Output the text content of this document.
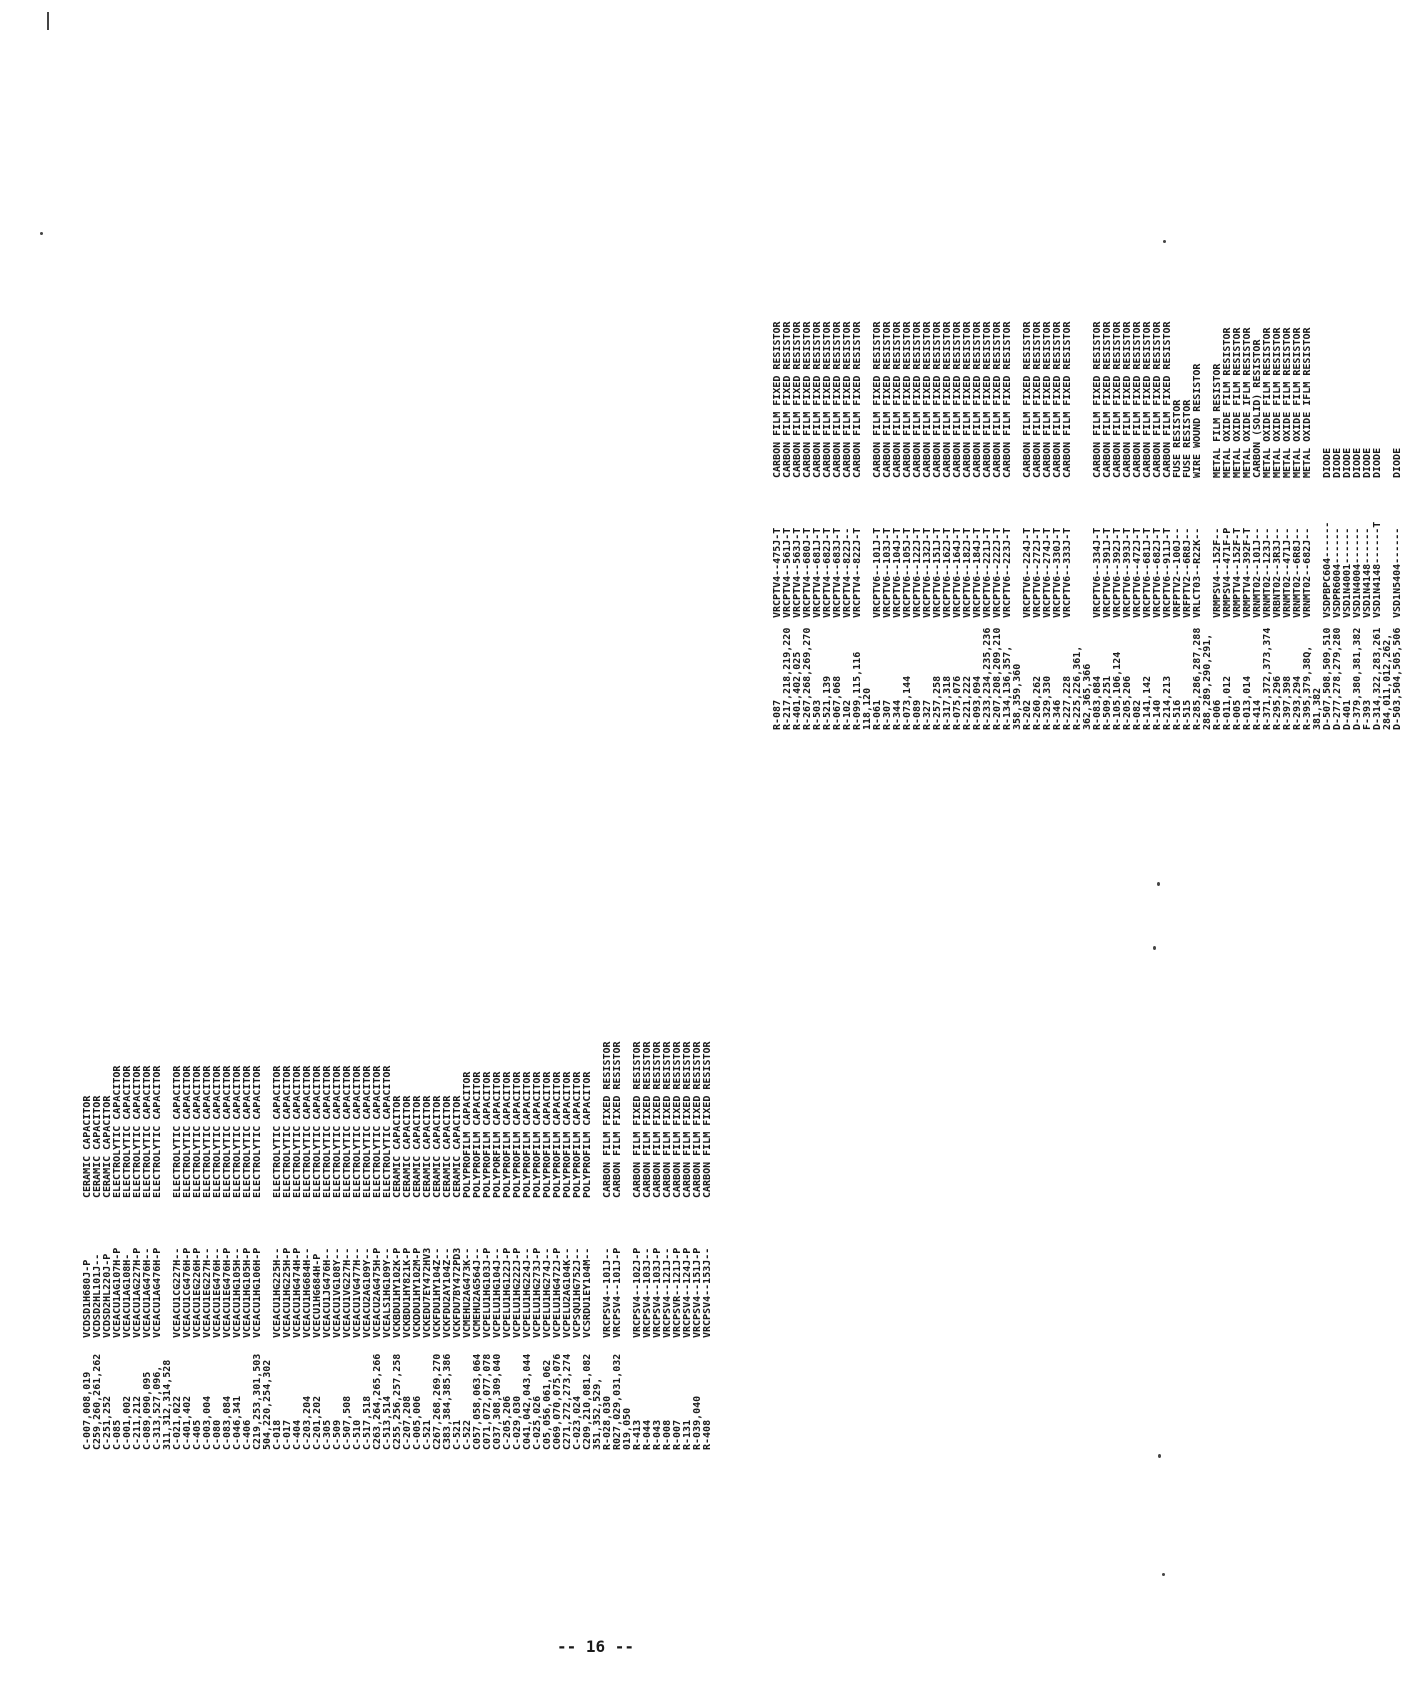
C-007,008,019
VCDSD1H680J-P
CERAMIC CAPACITOR
C259,260,261,262
VCDSD2HL101J--
CERAMIC CAPACITOR
C-251,252
VCDSD2HL220J-P
CERAMIC CAPACITOR
C-085
VCEACU1AG107H-P
ELECTROLYTIC CAPACITOR
C-001,002
VCEACU1AG108H-
ELECTROLYTIC CAPACITOR
C-211,212
VCEACU1AG227H-P
ELECTROLYTIC CAPACITOR
C-089,090,095
VCEACU1AG476H--
ELECTROLYTIC CAPACITOR
C-313,527,096,
VCEACU1AG476H-P
ELECTROLYTIC CAPACITOR
311,312,314,528 C-021,022
VCEACU1CG227H--
ELECTROLYTIC CAPACITOR
C-401,402
VCEACU1CG476H-P
ELECTROLYTIC CAPACITOR
C-405
VCEACU1EG226H-P
ELECTROLYTIC CAPACITOR
C-003,004
VCEACU1EG227H--
ELECTROLYTIC CAPACITOR
C-080
VCEACU1EG476H--
ELECTROLYTIC CAPACITOR
C-083,084
VCEACU1EG476H-P
ELECTROLYTIC CAPACITOR
C-046,341
VCEACU1HG105H--
ELECTROLYTIC CAPACITOR
C-406
VCEACU1HG105H-P
ELECTROLYTIC CAPACITOR
C219,253,301,503
VCEACU1HG106H-P
ELECTROLYTIC CAPACITOR
504,220,254,302 C-018
VCEACU1HG225H--
ELECTROLYTIC CAPACITOR
C-017
VCEACU1HG225H-P
ELECTROLYTIC CAPACITOR
C-404
VCEACU1HG474H-P
ELECTROLYTIC CAPACITOR
C-203,204
VCEACU1HG684H--
ELECTROLYTIC CAPACITOR
C-201,202
VCECU1HG684H-P
ELECTROLYTIC CAPACITOR
C-305
VCEACU1JG476H--
ELECTROLYTIC CAPACITOR
C-509
VCEACU1VG108Y--
ELECTROLYTIC CAPACITOR
C-507,508
VCEACU1VG227H--
ELECTROLYTIC CAPACITOR
C-510
VCEACU1VG477H--
ELECTROLYTIC CAPACITOR
C-517,518
VCEACU2AG109Y--
ELECTROLYTIC CAPACITOR
C263,264,265,266
VCEACU2AG475H-P
ELECTROLYTIC CAPACITOR
C-513,514
VCEALS1HG109Y--
ELECTROLYTIC CAPACITOR
C255,256,257,258
VCKBDU1HY102K-P
CERAMIC CAPACITOR
C-207,208
VCKBDU1HY821K-P
CERAMIC CAPACITOR
C-005,006
VCKDDU1HY102M-P
CERAMIC CAPACITOR
C-521
VCKEDU7EY472HV3
CERAMIC CAPACITOR
C267,268,269,270
VCKFDU1HY104Z--
CERAMIC CAPACITOR
C383,384,385,386
VCKFDU2AY104Z--
CERAMIC CAPACITOR
C-521
VCKFDU7BY472PD3
CERAMIC CAPACITOR
C-522
VCMEHU2AG473K--
POLYPROFILM CAPACITOR
C057,058,063,064
VCMEHU2AG564J--
POLYPROFILM CAPACITOR
C071,072,077,078
VCPELU1HG103J-P
POLYPROFILM CAPACITOR
C037,308,309,040
VCPELU1HG104J--
POLYPORFILM CAPACITOR
C-205,206
VCPELU1HG122J-P
POLYPROFILM CAPACITOR
C-029,030
VCPELU1HG222J-P
POLYPROFILM CAPACITOR
C041,042,043,044
VCPELU1HG224J--
POLYPROFILM CAPACITOR
C-025,026
VCPELU1HG273J-P
POLYPROFILM CAPACITOR
C05,056,061,062
VCPELU1HG274J--
POLYPROFILM CAPACITOR
C069,070,075,076
VCPELU1HG472J-P
POLYPROFILM CAPACITOR
C271,272,273,274
VCPELU2AG104K--
POLYPROFILM CAPACITOR
C-023,024
VCPSQU1HG752J--
POLYPROFILM CAPACITOR
C209,210,081,082
VCSRDU1EY104M--
POLYPROFILM CAPACITOR
351,352,529, R-028,030
VRCPSV4--101J--
CARBON FILM FIXED RESISTOR
R027,029,031,032
VRCPSV4--101J-P
CARBON FILM FIXED RESISTOR
019,050 R-413
VRCPSV4--102J-P
CARBON FILM FIXED RESISTOR
R-044
VRCPSV4--103J--
CARBON FILM FIXED RESISTOR
R-043
VRCPSV4--103J-P
CARBON FILM FIXED RESISTOR
R-008
VRCPSV4--121J--
CARBON FILM FIXED RESISTOR
R-007
VRCPSVR--121J-P
CARBON FILM FIXED RESISTOR
R-131
VRCPSV4--124J-P
CARBON FILM FIXED RESISTOR
R-039,040
VRCPSV4--151J-P
CARBON FILM FIXED RESISTOR
R-408
VRCPSV4--153J--
CARBON FILM FIXED RESISTOR
R-087
VRCPTV4--475J-T
CARBON FILM FIXED RESISTOR
R-217,218,219,220
VRCPTV4--561J-T
CARBON FILM FIXED RESISTOR
R-401,402,025
VRCPTV4--563J-T
CARBON FILM FIXED RESISTOR
R-267,268,269,270
VRCPTV4--680J-T
CARBON FILM FIXED RESISTOR
R-503
VRCPTV4--681J-T
CARBON FILM FIXED RESISTOR
R-521,139
VRCPTV4--682J-T
CARBON FILM FIXED RESISTOR
R-067,068
VRCPTV4--683J-T
CARBON FILM FIXED RESISTOR
R-102
VRCPTV4--822J--
CARBON FILM FIXED RESISTOR
R-099,115,116
VRCPTV4--822J-T
CARBON FILM FIXED RESISTOR
118,120 R-061
VRCPTV6--101J-T
CARBON FILM FIXED RESISTOR
R-307
VRCPTV6--103J-T
CARBON FILM FIXED RESISTOR
R-344
VRCPTV6--104J-T
CARBON FILM FIXED RESISTOR
R-073,144
VRCPTV6--105J-T
CARBON FILM FIXED RESISTOR
R-089
VRCPTV6--122J-T
CARBON FILM FIXED RESISTOR
R-327
VRCPTV6--132J-T
CARBON FILM FIXED RESISTOR
R-257,258
VRCPTV6--151J-T
CARBON FILM FIXED RESISTOR
R-317,318
VRCPTV6--162J-T
CARBON FILM FIXED RESISTOR
R-075,076
VRCPTV6--164J-T
CARBON FILM FIXED RESISTOR
R-221,222
VRCPTV6--182J-T
CARBON FILM FIXED RESISTOR
R-093,094
VRCPTV6--184J-T
CARBON FILM FIXED RESISTOR
R-233,234,235,236
VRCPTV6--221J-T
CARBON FILM FIXED RESISTOR
R-207,208,209,210
VRCPTV6--222J-T
CARBON FILM FIXED RESISTOR
R-134,136,357,
VRCPTV6--223J-T
CARBON FILM FIXED RESISTOR
358,359,360 R-202
VRCPTV6--224J-T
CARBON FILM FIXED RESISTOR
R-260,262
VRCPTV6--272J-T
CARBON FILM FIXED RESISTOR
R-329,330
VRCPTV6--274J-T
CARBON FILM FIXED RESISTOR
R-346
VRCPTV6--330J-T
CARBON FILM FIXED RESISTOR
R-227,228
VRCPTV6--333J-T
CARBON FILM FIXED RESISTOR
R-225,226,361, 362,365,366 R-083,084
VRCPTV6--334J-T
CARBON FILM FIXED RESISTOR
R-509,251
VRCPTV6--391J-T
CARBON FILM FIXED RESISTOR
R-105,106,124
VRCPTV6--392J-T
CARBON FILM FIXED RESISTOR
R-205,206
VRCPTV6--393J-T
CARBON FILM FIXED RESISTOR
R-082
VRCPTV6--472J-T
CARBON FILM FIXED RESISTOR
R-141,142
VRCPTV6--681J-T
CARBON FILM FIXED RESISTOR
R-140
VRCPTV6--682J-T
CARBON FILM FIXED RESISTOR
R-214,213
VRCPTV6--911J-T
CARBON FILM FIXED RESISTOR
R-516
VRFPTV2--100J--
FUSE RESISTOR
R-515
VRFPTV2--6R8J--
FUSE RESISTOR
R-285,286,287,288
VRLCT03--R22K--
WIRE WOUND RESISTOR
288,289,290,291, R-006
VRMPSV4--152F--
METAL FILM RESISTOR
R-011,012
VRMPSV4--471F-P
METAL OXIDE FILM RESISTOR
R-005
VRMPTV4--152F-T
METAL OXIDE FILM RESISTOR
R-013,014
VRMPTV4--392F-T
METAL OXIDE IFLM RESISTOR
R-414
VRNMT02--101J--
CARBON (SOLID) RESISTOR
R-371,372,373,374
VRNMT02--123J--
METAL OXIDE FILM RESISTOR
R-295,296
VRBNT02--3R3J--
METAL OXIDE FILM RESISTOR
R-397,398
VRNMT02--471J--
METAL OXIDE FILM RESISTOR
R-293,294
VRNMT02--6R8J--
METAL OXIDE FILM RESISTOR
R-395,379,38Q,
VRNMT02--682J--
METAL OXIDE IFLM RESISTOR
381,382 D-507,508,509,510
VSDPBPC604------
DIODE
D-277,278,279,280
VSDPR6004------
DIODE
D-401
VSD1N4001------
DIODE
D-379,380,381,382
VSD1N4004------
DIODE
F-393
VSD1N4148------
DIODE
D-314,322,283,261
VSD1N4148------T
DIODE
284,011,012,262, D-503,504,505,506
VSD1N5404------
DIODE
-- 16 --
